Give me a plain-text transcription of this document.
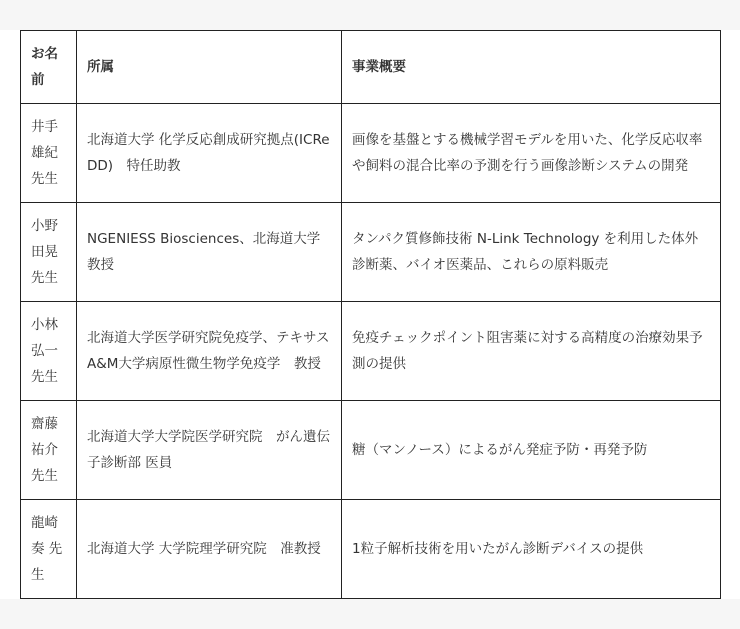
お名前	所属	事業概要
井手雄紀先生	北海道大学 化学反応創成研究拠点(ICReDD)　特任助教	画像を基盤とする機械学習モデルを用いた、化学反応収率や飼料の混合比率の予測を行う画像診断システムの開発
小野田晃先生	NGENIESS Biosciences、北海道大学　教授	タンパク質修飾技術 N-Link Technology を利用した体外診断薬、バイオ医薬品、これらの原料販売
小林弘一先生	北海道大学医学研究院免疫学、テキサスA&M大学病原性微生物学免疫学　教授	免疫チェックポイント阻害薬に対する高精度の治療効果予測の提供
齋藤祐介先生	北海道大学大学院医学研究院　がん遺伝子診断部 医員	糖（マンノース）によるがん発症予防・再発予防
龍崎奏 先生	北海道大学 大学院理学研究院　准教授	1粒子解析技術を用いたがん診断デバイスの提供
